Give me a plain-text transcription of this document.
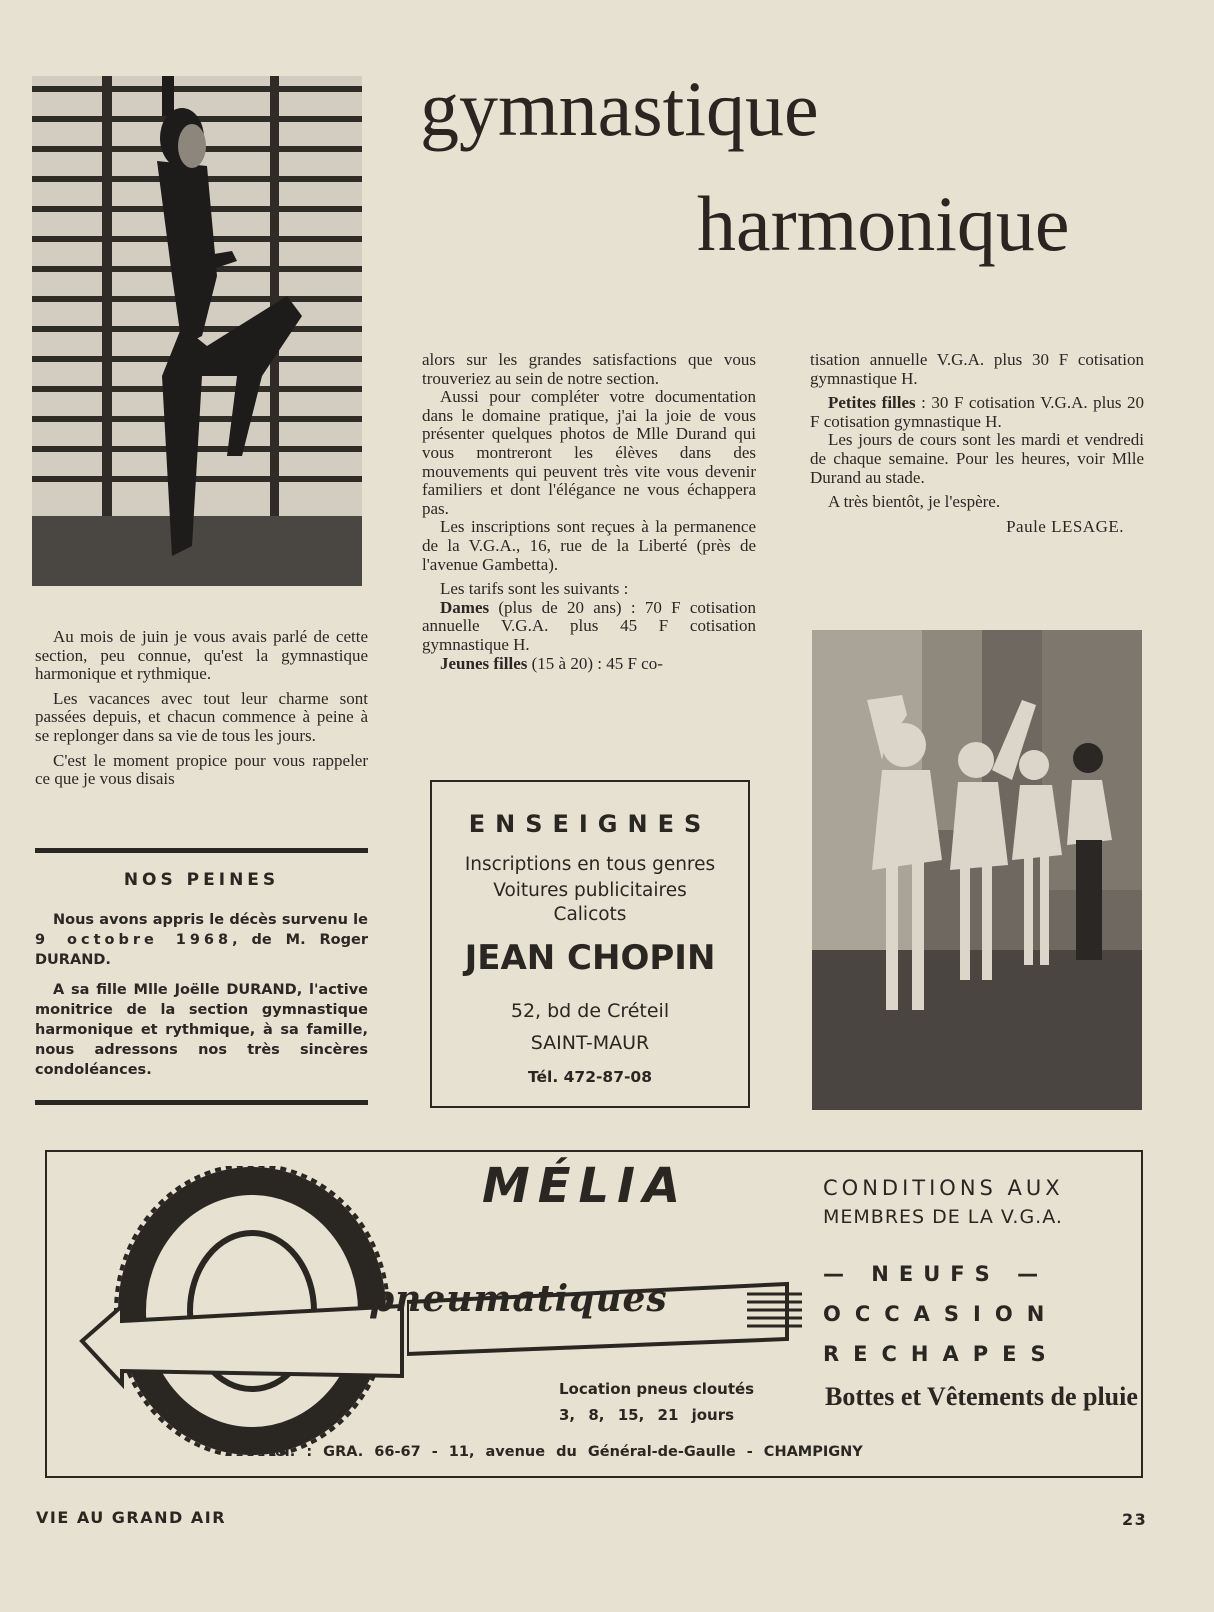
gymnastique
harmonique

Au mois de juin je vous avais parlé de cette section, peu connue, qu'est la gymnastique harmonique et rythmique.

Les vacances avec tout leur charme sont passées depuis, et chacun commence à peine à se replonger dans sa vie de tous les jours.

C'est le moment propice pour vous rappeler ce que je vous disais

NOS PEINES

Nous avons appris le décès survenu le 9 octobre 1968, de M. Roger DURAND.

A sa fille Mlle Joëlle DURAND, l'active monitrice de la section gymnastique harmonique et rythmique, à sa famille, nous adressons nos très sincères condoléances.

alors sur les grandes satisfactions que vous trouveriez au sein de notre section.

Aussi pour compléter votre documentation dans le domaine pratique, j'ai la joie de vous présenter quelques photos de Mlle Durand qui vous montreront les élèves dans des mouvements qui peuvent très vite vous devenir familiers et dont l'élégance ne vous échappera pas.

Les inscriptions sont reçues à la permanence de la V.G.A., 16, rue de la Liberté (près de l'avenue Gambetta).

Les tarifs sont les suivants :

Dames (plus de 20 ans) : 70 F cotisation annuelle V.G.A. plus 45 F cotisation gymnastique H.

Jeunes filles (15 à 20) : 45 F co-

tisation annuelle V.G.A. plus 30 F cotisation gymnastique H.

Petites filles : 30 F cotisation V.G.A. plus 20 F cotisation gymnastique H.

Les jours de cours sont les mardi et vendredi de chaque semaine. Pour les heures, voir Mlle Durand au stade.

A très bientôt, je l'espère.

Paule LESAGE.

ENSEIGNES
Inscriptions en tous genres
Voitures publicitaires
Calicots
JEAN CHOPIN
52, bd de Créteil
SAINT-MAUR
Tél. 472-87-08
MÉLIA
pneumatiques
Location pneus cloutés
3, 8, 15, 21 jours
CONDITIONS AUX
MEMBRES DE LA V.G.A.
— NEUFS —
OCCASION
RECHAPES
Bottes et Vêtements de pluie
Tél. : GRA. 66-67 - 11, avenue du Général-de-Gaulle - CHAMPIGNY
VIE AU GRAND AIR	23
